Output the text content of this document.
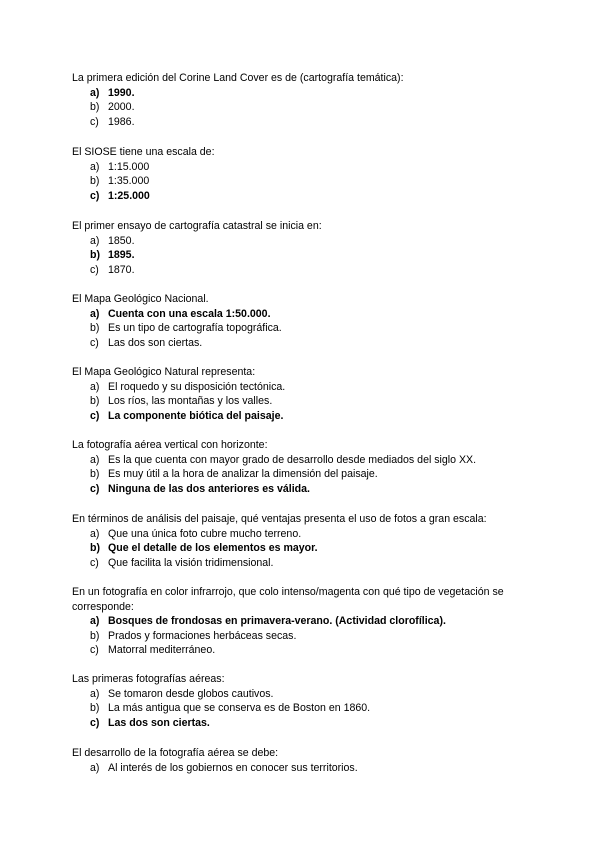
La primera edición del Corine Land Cover es de (cartografía temática):

a) 1990.
b) 2000.
c) 1986.

El SIOSE tiene una escala de:

a) 1:15.000
b) 1:35.000
c) 1:25.000

El primer ensayo de cartografía catastral se inicia en:

a) 1850.
b) 1895.
c) 1870.

El Mapa Geológico Nacional.

a) Cuenta con una escala 1:50.000.
b) Es un tipo de cartografía topográfica.
c) Las dos son ciertas.

El Mapa Geológico Natural representa:

a) El roquedo y su disposición tectónica.
b) Los ríos, las montañas y los valles.
c) La componente biótica del paisaje.

La fotografía aérea vertical con horizonte:

a) Es la que cuenta con mayor grado de desarrollo desde mediados del siglo XX.
b) Es muy útil a la hora de analizar la dimensión del paisaje.
c) Ninguna de las dos anteriores es válida.

En términos de análisis del paisaje, qué ventajas presenta el uso de fotos a gran escala:

a) Que una única foto cubre mucho terreno.
b) Que el detalle de los elementos es mayor.
c) Que facilita la visión tridimensional.

En un fotografía en color infrarrojo, que colo intenso/magenta con qué tipo de vegetación se corresponde:

a) Bosques de frondosas en primavera-verano. (Actividad clorofílica).
b) Prados y formaciones herbáceas secas.
c) Matorral mediterráneo.

Las primeras fotografías aéreas:

a) Se tomaron desde globos cautivos.
b) La más antigua que se conserva es de Boston en 1860.
c) Las dos son ciertas.

El desarrollo de la fotografía aérea se debe:

a) Al interés de los gobiernos en conocer sus territorios.
